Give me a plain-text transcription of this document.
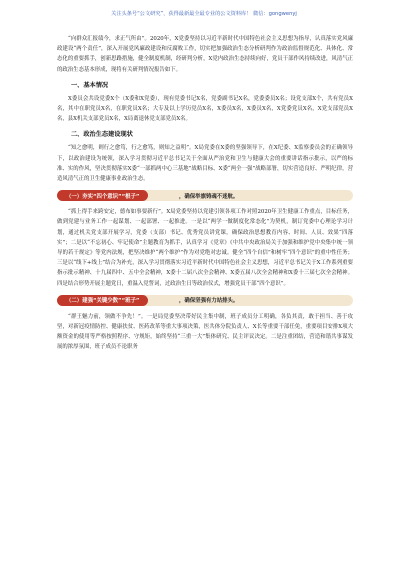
关注头条号“公文研究”，获得最新最全最专业的公文资料库！ 微信：gongwenyj

“向群众汇报绩今，求正气所由”。2020年，X党委坚持以习近平新时代中国特色社会主义思想为指导，认真落实党风廉政建设“两个责任”，深入开展党风廉政建设和反腐败工作，切实把加强政治生态分析研判作为政治监督规范化、具体化、常态化的重要抓手，创新思路措施，健全制度机制，经研判分析，X党内政治生态持续向好，党员干部作风持续改进，风清气正的政治生态基本形成，现将有关研判情况报告如下。

一、基本情况

X委员会共设党委X个（X委和X党委），现有党委书记X名，党委副书记X名，党委委员X名；设党支部X个，共有党员X名，其中在职党员X名，在职党员X名；大专及以上学历党员X名，X委员X名，X委员X名，X党委党员X名，X党支部党员X名，县X机关支部党员X名，X局离退休党支部党员X名。

二、政治生态建设现状

“知之愈明，则行之愈笃，行之愈笃，则知之益明”。X局党委在X委的坚强领导下，在X纪委、X监察委员会的正确领导下，以政治建设为统领，深入学习贯彻习近平总书记关于全面从严治党和卫生与健康大会的重要讲话指示批示，以严的标准、实的作风，坚决贯彻落实X委“一部抓两中心三基地”战略目标、X委“两全一强”战略部署，切实营造良好、严明纪律，营造风清气正的卫生健康事业政治生态。

（一）夯实“四个意识”“根子”	，确保举旗铸魂不迷航。

“抓上得手来跨安定，德布如事要新行”。X局党委坚持以党建引领各项工作对照2020年卫生健康工作重点，目标任务，做到党建与业务工作一起谋划、一起部署、一起推进。一是以“两学一做制度化常态化”为契机，制订党委中心理论学习计划，通过机关党支部开展学习，党委（支部）书记、优秀党员讲党课，确保政治思想教育内容、时间、人员、效果“四落实”；二是以“不忘初心、牢记使命”主题教育为抓手，认真学习《党章》《中共中央政治局关于加强和维护党中央集中统一领导的若干规定》等党内法规，把坚决维护“两个维护”作为对党绝对忠诚。健全“四个自信”和树牢“四个意识”的重中性任务；三是以“线下+线上”结合为补充，深入学习贯彻落实习近平新时代中国特色社会主义思想，习近平总书记关于X工作系列重要指示批示精神、十九届四中、五中全会精神，X委十二届八次全会精神、X委五届八次全会精神和X委十三届七次全会精神。四是结合形势开展主题党日，重温入党誓词，过政治生日等政治仪式，增强党员干部“四个意识”。

（二）建强“关键少数”“班子”	，确保坚强有力站排头。

“群王魅力前，领做不争先！”。一是局党委坚决带好民主集中制，班子成员分工明确，各负其责，敢于担当、善于攻坚，对新冠疫情防控、健康扶贫、医药改革等重大事项决策，医共体分院负责人、X长等重要干部任免，重要项目安排X项大额资金的使用等严格按照程序、守规矩，始终坚持“三重一大”集体研究、民主评议决定。二是注重团结，营造和谐共事谋发展的浓厚氛围，班子成员不论职务
